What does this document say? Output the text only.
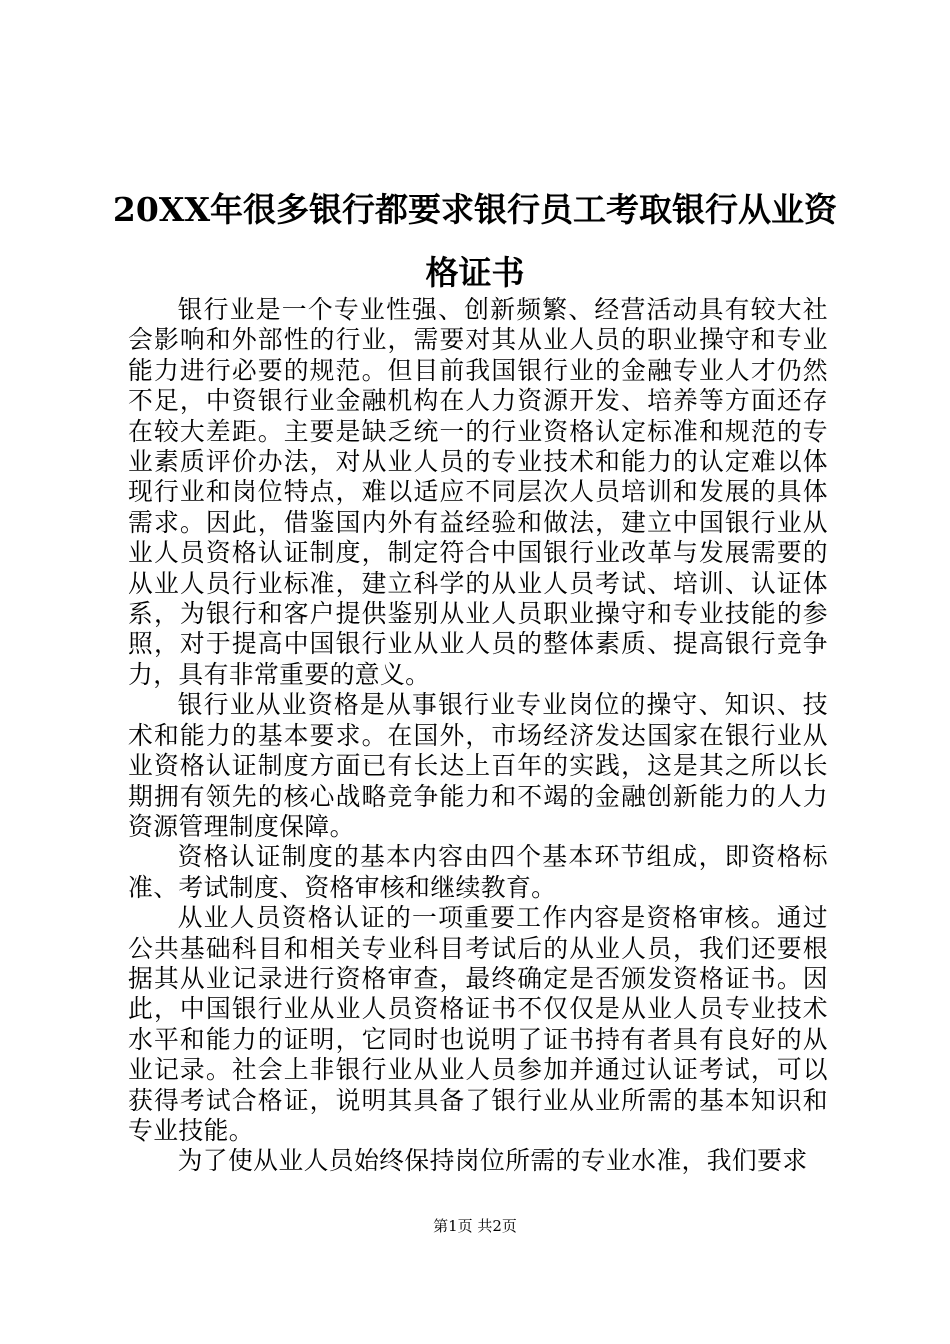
20XX年很多银行都要求银行员工考取银行从业资格证书

银行业是一个专业性强、创新频繁、经营活动具有较大社会影响和外部性的行业，需要对其从业人员的职业操守和专业能力进行必要的规范。但目前我国银行业的金融专业人才仍然不足，中资银行业金融机构在人力资源开发、培养等方面还存在较大差距。主要是缺乏统一的行业资格认定标准和规范的专业素质评价办法，对从业人员的专业技术和能力的认定难以体现行业和岗位特点，难以适应不同层次人员培训和发展的具体需求。因此，借鉴国内外有益经验和做法，建立中国银行业从业人员资格认证制度，制定符合中国银行业改革与发展需要的从业人员行业标准，建立科学的从业人员考试、培训、认证体系，为银行和客户提供鉴别从业人员职业操守和专业技能的参照，对于提高中国银行业从业人员的整体素质、提高银行竞争力，具有非常重要的意义。

银行业从业资格是从事银行业专业岗位的操守、知识、技术和能力的基本要求。在国外，市场经济发达国家在银行业从业资格认证制度方面已有长达上百年的实践，这是其之所以长期拥有领先的核心战略竞争能力和不竭的金融创新能力的人力资源管理制度保障。

资格认证制度的基本内容由四个基本环节组成，即资格标准、考试制度、资格审核和继续教育。

从业人员资格认证的一项重要工作内容是资格审核。通过公共基础科目和相关专业科目考试后的从业人员，我们还要根据其从业记录进行资格审查，最终确定是否颁发资格证书。因此，中国银行业从业人员资格证书不仅仅是从业人员专业技术水平和能力的证明，它同时也说明了证书持有者具有良好的从业记录。社会上非银行业从业人员参加并通过认证考试，可以获得考试合格证，说明其具备了银行业从业所需的基本知识和专业技能。

为了使从业人员始终保持岗位所需的专业水准，我们要求

第1页 共2页
